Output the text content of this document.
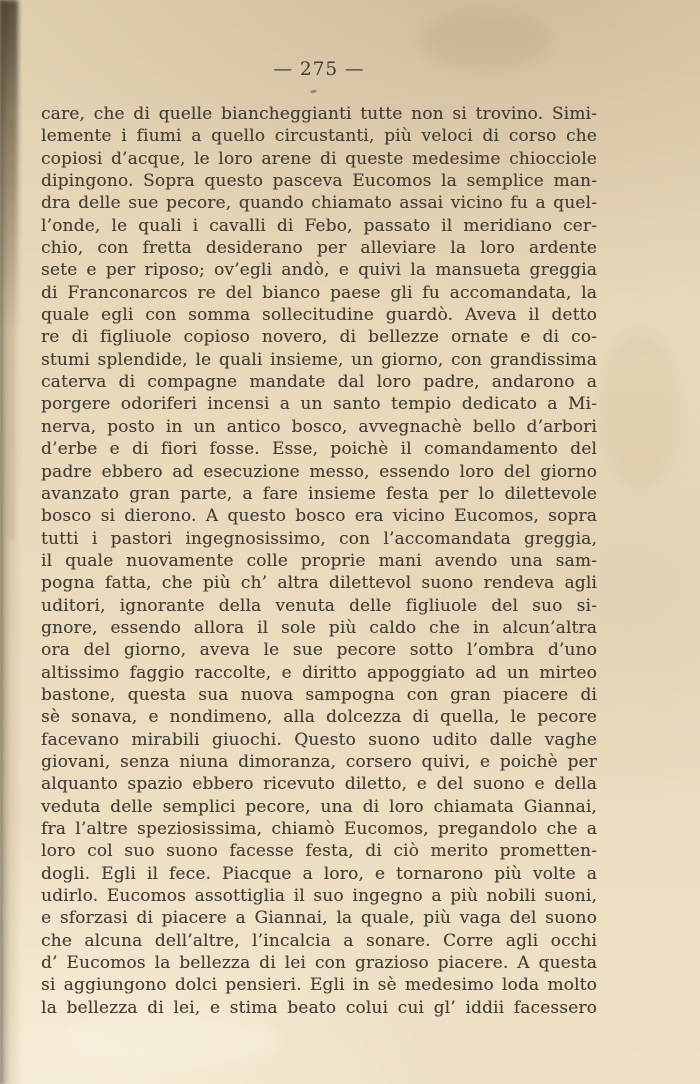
— 275 —
care, che di quelle biancheggianti tutte non si trovino. Simi-
lemente i fiumi a quello circustanti, più veloci di corso che
copiosi d’acque, le loro arene di queste medesime chiocciole
dipingono. Sopra questo pasceva Eucomos la semplice man-
dra delle sue pecore, quando chiamato assai vicino fu a quel-
l’onde, le quali i cavalli di Febo, passato il meridiano cer-
chio, con fretta desiderano per alleviare la loro ardente
sete e per riposo; ov’egli andò, e quivi la mansueta greggia
di Franconarcos re del bianco paese gli fu accomandata, la
quale egli con somma sollecitudine guardò. Aveva il detto
re di figliuole copioso novero, di bellezze ornate e di co-
stumi splendide, le quali insieme, un giorno, con grandissima
caterva di compagne mandate dal loro padre, andarono a
porgere odoriferi incensi a un santo tempio dedicato a Mi-
nerva, posto in un antico bosco, avvegnachè bello d’arbori
d’erbe e di fiori fosse. Esse, poichè il comandamento del
padre ebbero ad esecuzione messo, essendo loro del giorno
avanzato gran parte, a fare insieme festa per lo dilettevole
bosco si dierono. A questo bosco era vicino Eucomos, sopra
tutti i pastori ingegnosissimo, con l’accomandata greggia,
il quale nuovamente colle proprie mani avendo una sam-
pogna fatta, che più ch’ altra dilettevol suono rendeva agli
uditori, ignorante della venuta delle figliuole del suo si-
gnore, essendo allora il sole più caldo che in alcun’altra
ora del giorno, aveva le sue pecore sotto l’ombra d’uno
altissimo faggio raccolte, e diritto appoggiato ad un mirteo
bastone, questa sua nuova sampogna con gran piacere di
sè sonava, e nondimeno, alla dolcezza di quella, le pecore
facevano mirabili giuochi. Questo suono udito dalle vaghe
giovani, senza niuna dimoranza, corsero quivi, e poichè per
alquanto spazio ebbero ricevuto diletto, e del suono e della
veduta delle semplici pecore, una di loro chiamata Giannai,
fra l’altre speziosissima, chiamò Eucomos, pregandolo che a
loro col suo suono facesse festa, di ciò merito prometten-
dogli. Egli il fece. Piacque a loro, e tornarono più volte a
udirlo. Eucomos assottiglia il suo ingegno a più nobili suoni,
e sforzasi di piacere a Giannai, la quale, più vaga del suono
che alcuna dell’altre, l’incalcia a sonare. Corre agli occhi
d’ Eucomos la bellezza di lei con grazioso piacere. A questa
si aggiungono dolci pensieri. Egli in sè medesimo loda molto
la bellezza di lei, e stima beato colui cui gl’ iddii facessero
